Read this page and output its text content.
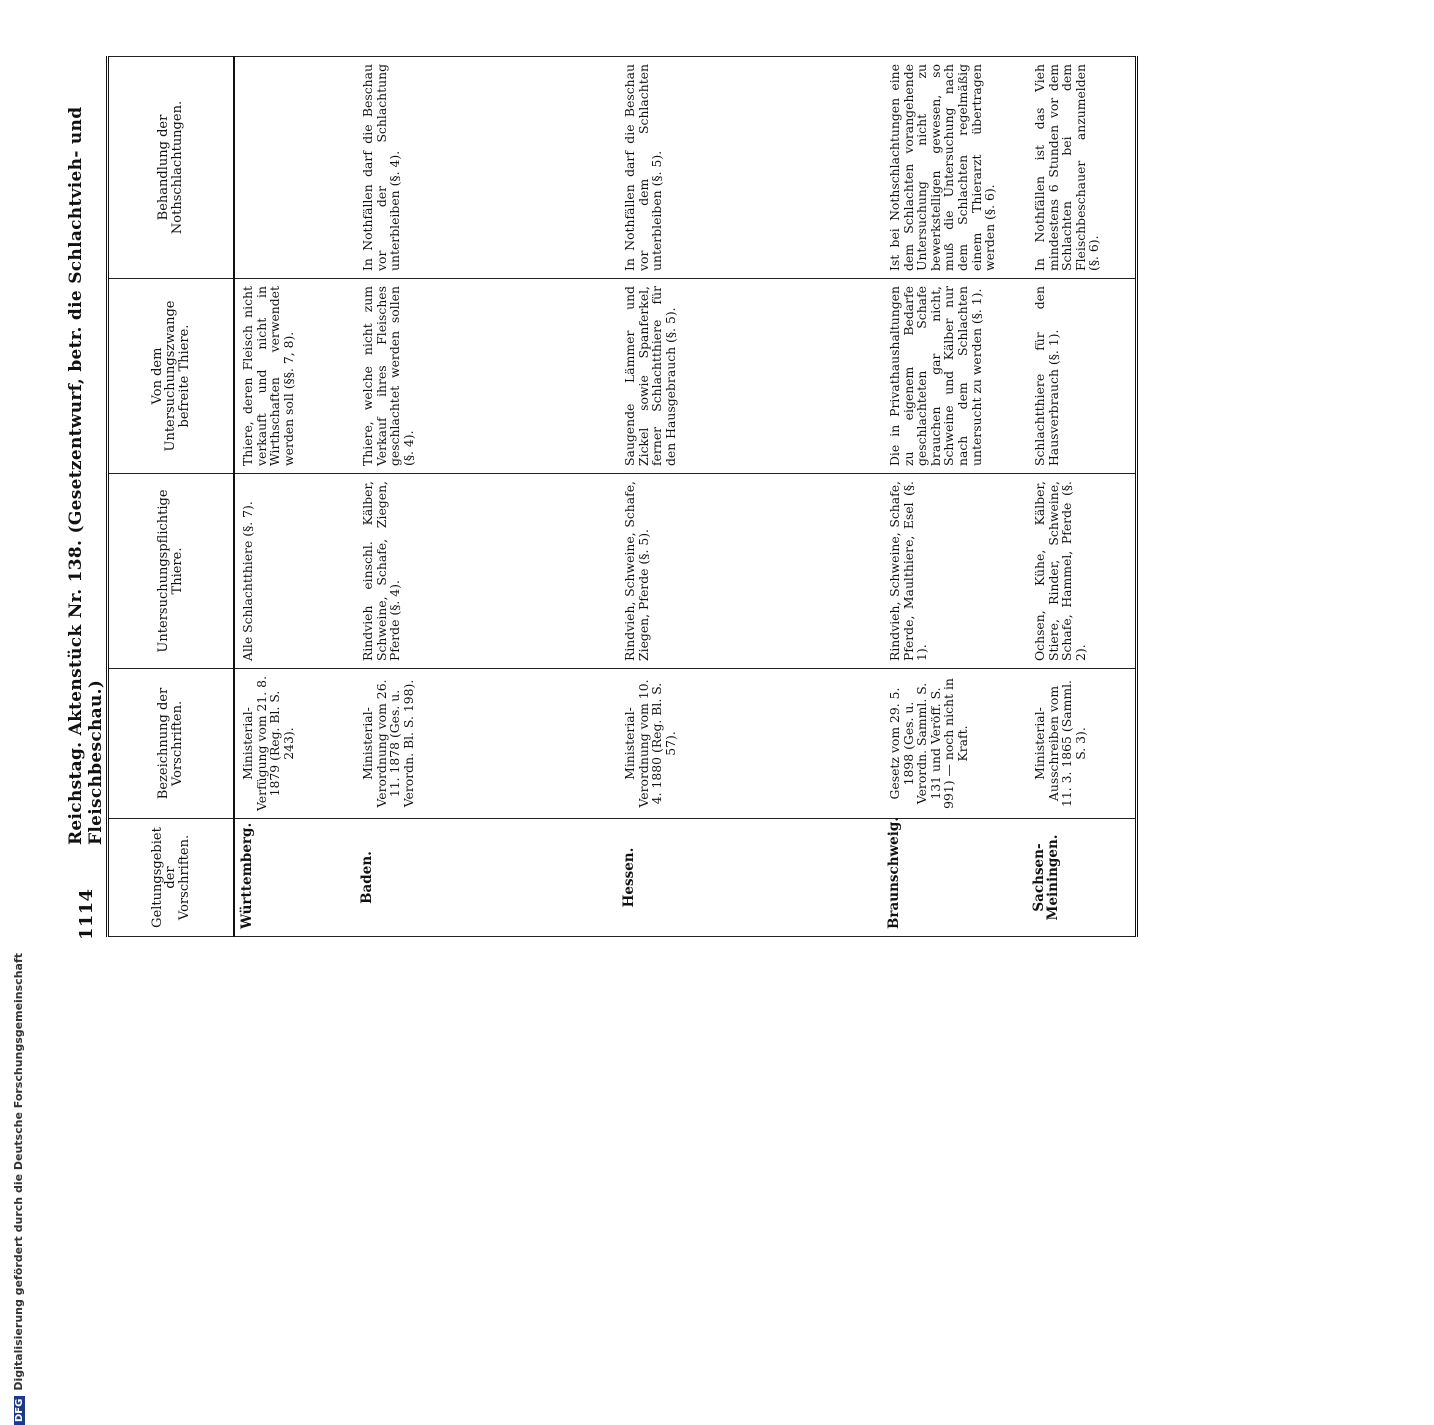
1114
Reichstag. Aktenstück Nr. 138. (Gesetzentwurf, betr. die Schlachtvieh- und Fleischbeschau.)
Geltungsgebiet der Vorschriften.	Bezeichnung der Vorschriften.	Untersuchungspflichtige Thiere.	Von dem Untersuchungszwange befreite Thiere.	Behandlung der Nothschlachtungen.
Württemberg.	Ministerial-Verfügung vom 21. 8. 1879 (Reg. Bl. S. 243).	Alle Schlachtthiere (§. 7).	Thiere, deren Fleisch nicht verkauft und nicht in Wirthschaften verwendet werden soll (§§. 7, 8).	
Baden.	Ministerial-Verordnung vom 26. 11. 1878 (Ges. u. Verordn. Bl. S. 198).	Rindvieh einschl. Kälber, Schweine, Schafe, Ziegen, Pferde (§. 4).	Thiere, welche nicht zum Verkauf ihres Fleisches geschlachtet werden sollen (§. 4).	In Nothfällen darf die Beschau vor der Schlachtung unterbleiben (§. 4).
Hessen.	Ministerial-Verordnung vom 10. 4. 1880 (Reg. Bl. S. 57).	Rindvieh, Schweine, Schafe, Ziegen, Pferde (§. 5).	Saugende Lämmer und Zickel sowie Spanferkel, ferner Schlachtthiere für den Hausgebrauch (§. 5).	In Nothfällen darf die Beschau vor dem Schlachten unterbleiben (§. 5).
Braunschweig.	Gesetz vom 29. 5. 1898 (Ges. u. Verordn. Samml. S. 131 und Veröff. S. 991) — noch nicht in Kraft.	Rindvieh, Schweine, Schafe, Pferde, Maulthiere, Esel (§. 1).	Die in Privathaushaltungen zu eigenem Bedarfe geschlachteten Schafe brauchen gar nicht, Schweine und Kälber nur nach dem Schlachten untersucht zu werden (§. 1).	Ist bei Nothschlachtungen eine dem Schlachten vorangehende Untersuchung nicht zu bewerkstelligen gewesen, so muß die Untersuchung nach dem Schlachten regelmäßig einem Thierarzt übertragen werden (§. 6).
Sachsen-Meiningen.	Ministerial-Ausschreiben vom 11. 3. 1865 (Samml. S. 3).	Ochsen, Kühe, Kälber, Stiere, Rinder, Schweine, Schafe, Hammel, Pferde (§. 2).	Schlachtthiere für den Hausverbrauch (§. 1).	In Nothfällen ist das Vieh mindestens 6 Stunden vor dem Schlachten bei dem Fleischbeschauer anzumelden (§. 6).
DFGDigitalisierung gefördert durch die Deutsche Forschungsgemeinschaft
